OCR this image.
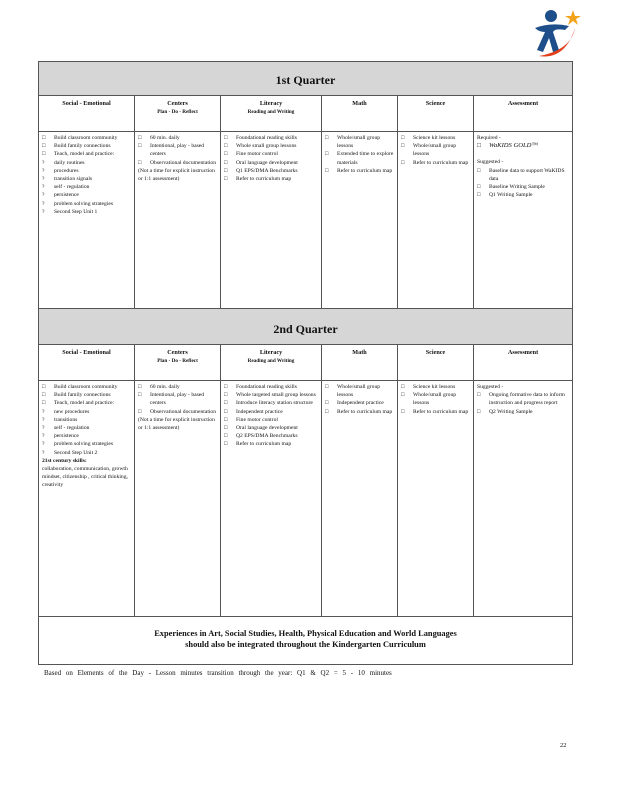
1st Quarter
Social - Emotional
□ Build classroom community
□ Build family connections
□ Teach, model and practice:
? daily routines
? procedures
? transition signals
? self - regulation
? persistence
? problem solving strategies
? Second Step Unit 1
Centers
Plan - Do - Reflect
□ 60 min. daily
□ Intentional, play - based centers
□ Observational documentation
(Not a time for explicit instruction or 1:1 assessment)
Literacy
Reading and Writing
□ Foundational reading skills
□ Whole small group lessons
□ Fine motor control
□ Oral language development
□ Q1 EPS/DMA Benchmarks
□ Refer to curriculum map
Math
□ Whole/small group lessons
□ Extended time to explore materials
□ Refer to curriculum map
Science
□ Science kit lessons
□ Whole/small group lessons
□ Refer to curriculum map
Assessment
Required -
□ WaKIDS GOLD™
Suggested -
□ Baseline data to support WaKIDS data
□ Baseline Writing Sample
□ Q1 Writing Sample
2nd Quarter
Social - Emotional
□ Build classroom community
□ Build family connections
□ Teach, model and practice:
? new procedures
? transitions
? self - regulation
? persistence
? problem solving strategies
? Second Step Unit 2
21st century skills:
collaboration, communication, growth mindset, citizenship , critical thinking, creativity
Centers
Plan - Do - Reflect
□ 60 min. daily
□ Intentional, play - based centers
□ Observational documentation
(Not a time for explicit instruction or 1:1 assessment)
Literacy
Reading and Writing
□ Foundational reading skills
□ Whole targeted small group lessons
□ Introduce literacy station structure
□ Independent practice
□ Fine motor control
□ Oral language development
□ Q2 EPS/DMA Benchmarks
□ Refer to curriculum map
Math
□ Whole/small group lessons
□ Independent practice
□ Refer to curriculum map
Science
□ Science kit lessons
□ Whole/small group lessons
□ Refer to curriculum map
Assessment
Suggested -
□ Ongoing formative data to inform instruction and progress report
□ Q2 Writing Sample
Experiences in Art, Social Studies, Health, Physical Education and World Languages
should also be integrated throughout the Kindergarten Curriculum
Based on Elements of the Day - Lesson minutes transition through the year: Q1 & Q2 = 5 - 10 minutes
22
